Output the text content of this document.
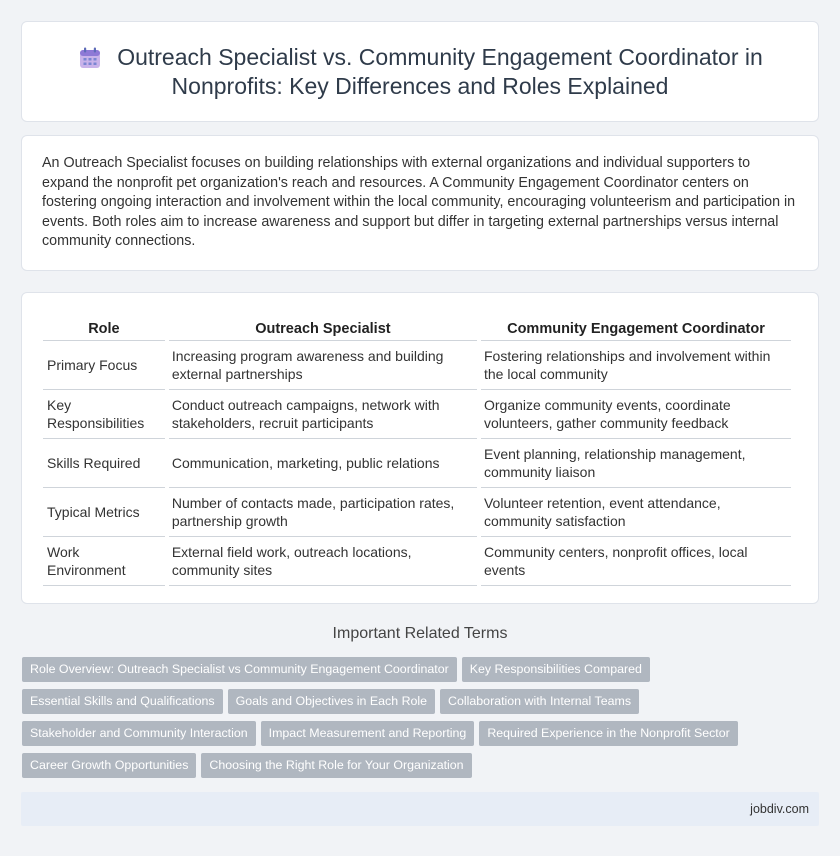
Outreach Specialist vs. Community Engagement Coordinator in Nonprofits: Key Differences and Roles Explained

An Outreach Specialist focuses on building relationships with external organizations and individual supporters to expand the nonprofit pet organization's reach and resources. A Community Engagement Coordinator centers on fostering ongoing interaction and involvement within the local community, encouraging volunteerism and participation in events. Both roles aim to increase awareness and support but differ in targeting external partnerships versus internal community connections.

Role	Outreach Specialist	Community Engagement Coordinator
Primary Focus	Increasing program awareness and building external partnerships	Fostering relationships and involvement within the local community
Key Responsibilities	Conduct outreach campaigns, network with stakeholders, recruit participants	Organize community events, coordinate volunteers, gather community feedback
Skills Required	Communication, marketing, public relations	Event planning, relationship management, community liaison
Typical Metrics	Number of contacts made, participation rates, partnership growth	Volunteer retention, event attendance, community satisfaction
Work Environment	External field work, outreach locations, community sites	Community centers, nonprofit offices, local events
Important Related Terms
Role Overview: Outreach Specialist vs Community Engagement Coordinator Key Responsibilities Compared
Essential Skills and Qualifications Goals and Objectives in Each Role Collaboration with Internal Teams
Stakeholder and Community Interaction Impact Measurement and Reporting Required Experience in the Nonprofit Sector
Career Growth Opportunities Choosing the Right Role for Your Organization
jobdiv.com
